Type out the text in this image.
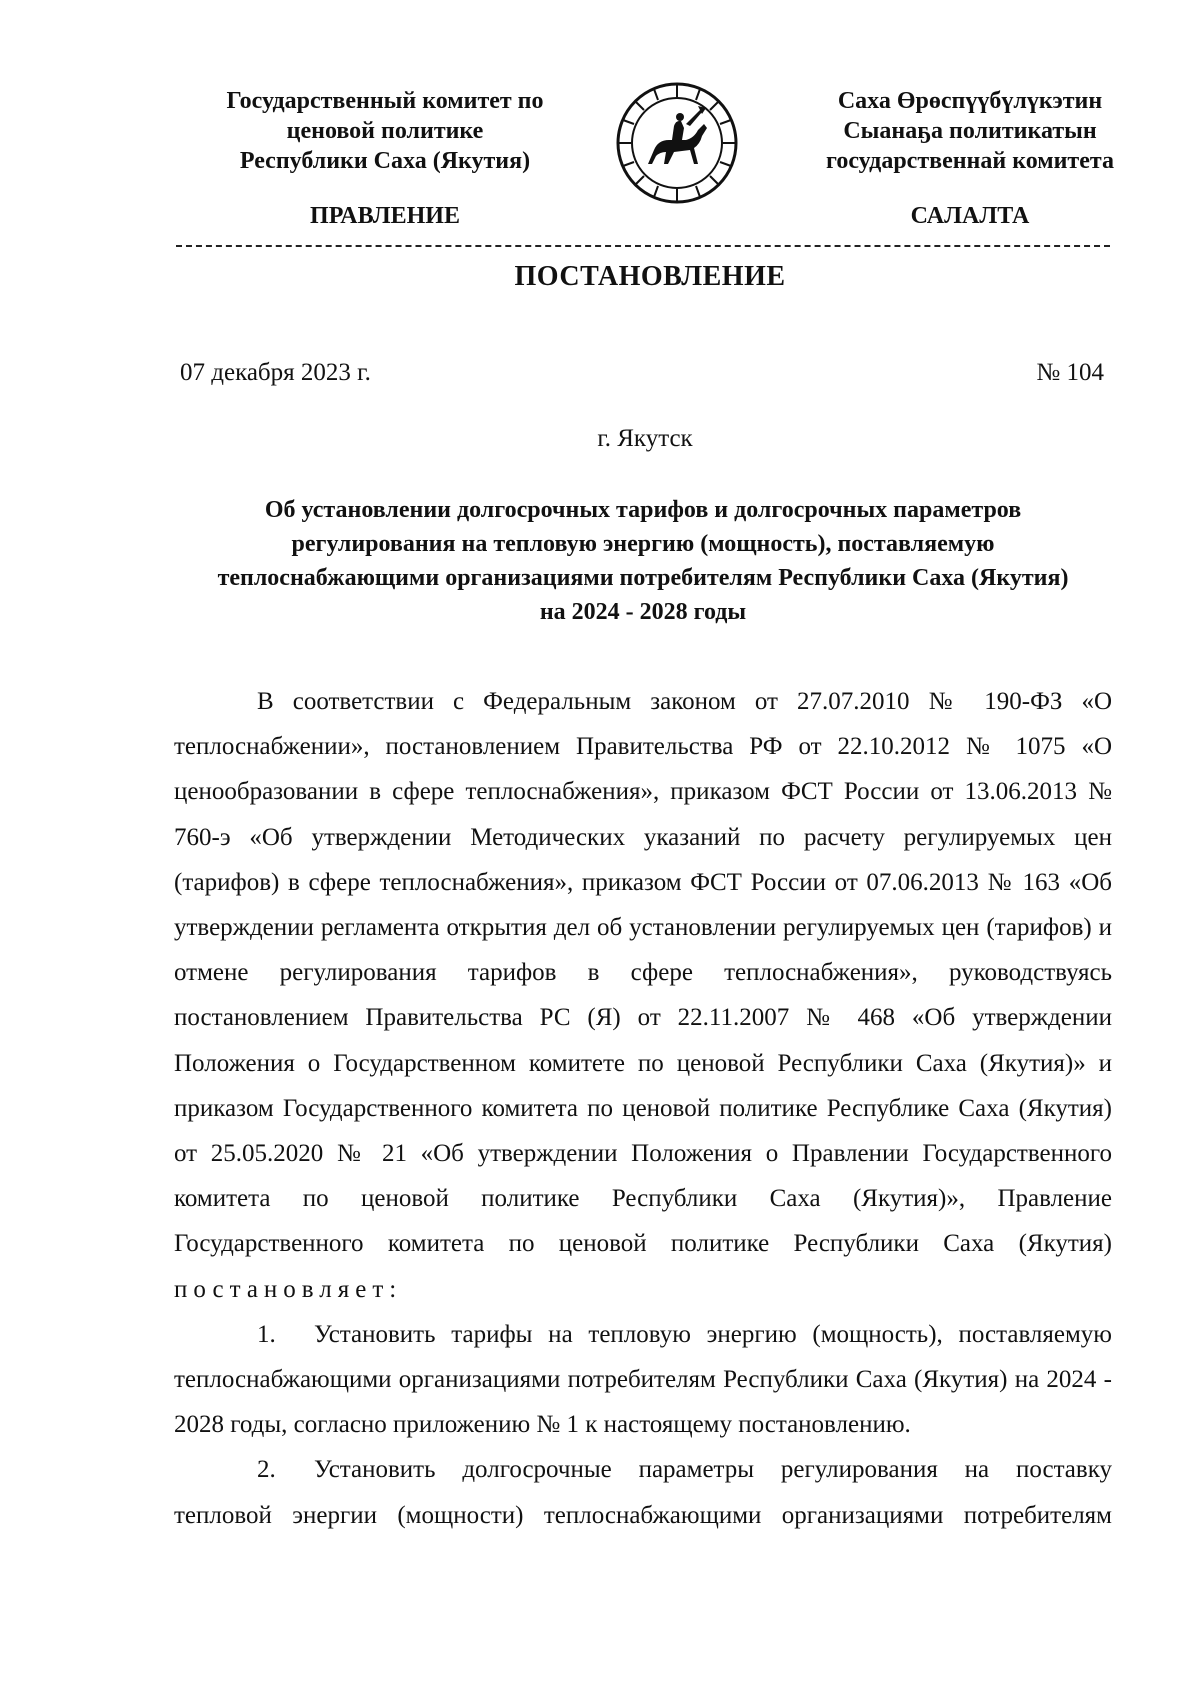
Государственный комитет по
ценовой политике
Республики Саха (Якутия)
Саха Өрөспүүбүлүкэтин
Сыанаҕа политикатын
государственнай комитета
ПРАВЛЕНИЕ	САЛАЛТА
ПОСТАНОВЛЕНИЕ
07 декабря 2023 г.	№ 104
г. Якутск
Об установлении долгосрочных тарифов и долгосрочных параметров
регулирования на тепловую энергию (мощность), поставляемую
теплоснабжающими организациями потребителям Республики Саха (Якутия)
на 2024 - 2028 годы

В соответствии с Федеральным законом от 27.07.2010 № 190-ФЗ «О теплоснабжении», постановлением Правительства РФ от 22.10.2012 № 1075 «О ценообразовании в сфере теплоснабжения», приказом ФСТ России от 13.06.2013 № 760-э «Об утверждении Методических указаний по расчету регулируемых цен (тарифов) в сфере теплоснабжения», приказом ФСТ России от 07.06.2013 № 163 «Об утверждении регламента открытия дел об установлении регулируемых цен (тарифов) и отмене регулирования тарифов в сфере теплоснабжения», руководствуясь постановлением Правительства РС (Я) от 22.11.2007 № 468 «Об утверждении Положения о Государственном комитете по ценовой Республики Саха (Якутия)» и приказом Государственного комитета по ценовой политике Республике Саха (Якутия) от 25.05.2020 № 21 «Об утверждении Положения о Правлении Государственного комитета по ценовой политике Республики Саха (Якутия)», Правление Государственного комитета по ценовой политике Республики Саха (Якутия) постановляет:

1. Установить тарифы на тепловую энергию (мощность), поставляемую теплоснабжающими организациями потребителям Республики Саха (Якутия) на 2024 - 2028 годы, согласно приложению № 1 к настоящему постановлению.

2. Установить долгосрочные параметры регулирования на поставку тепловой энергии (мощности) теплоснабжающими организациями потребителям
